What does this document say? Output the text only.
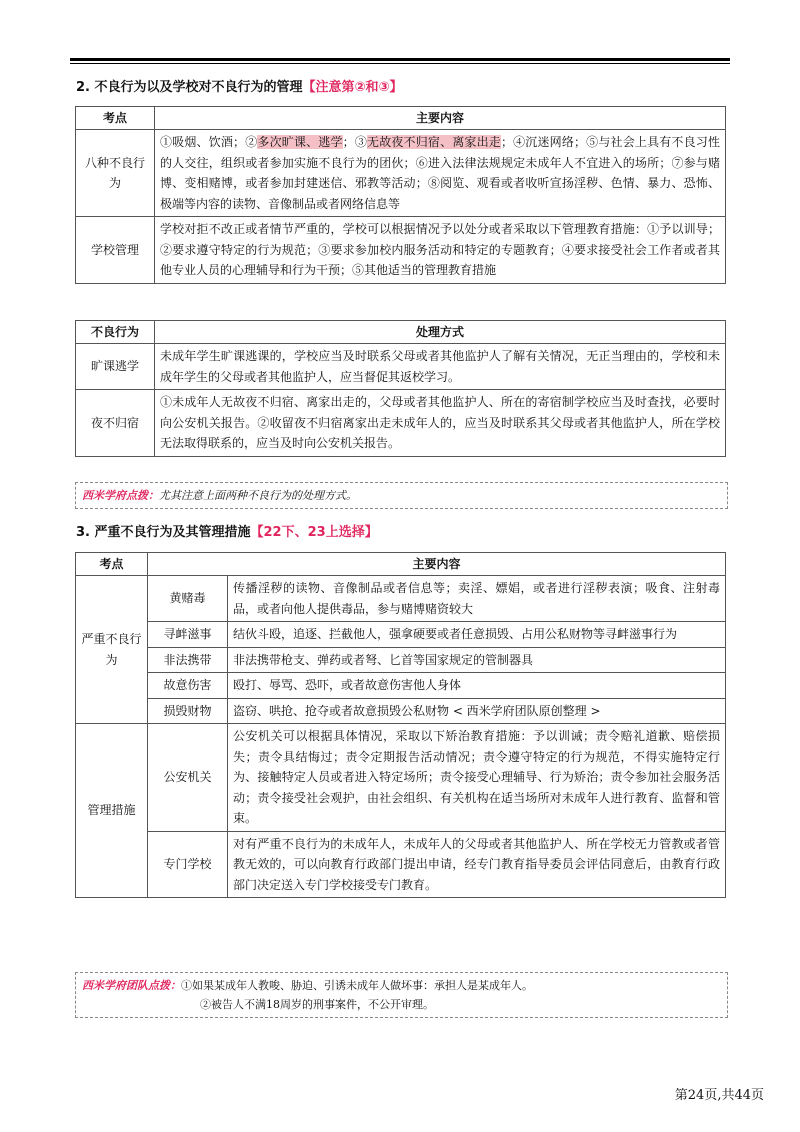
2. 不良行为以及学校对不良行为的管理【注意第②和③】
考点	主要内容
八种不良行为	①吸烟、饮酒；②多次旷课、逃学；③无故夜不归宿、离家出走；④沉迷网络；⑤与社会上具有不良习性的人交往，组织或者参加实施不良行为的团伙；⑥进入法律法规规定未成年人不宜进入的场所；⑦参与赌博、变相赌博，或者参加封建迷信、邪教等活动；⑧阅览、观看或者收听宣扬淫秽、色情、暴力、恐怖、极端等内容的读物、音像制品或者网络信息等
学校管理	学校对拒不改正或者情节严重的，学校可以根据情况予以处分或者采取以下管理教育措施：①予以训导；②要求遵守特定的行为规范；③要求参加校内服务活动和特定的专题教育；④要求接受社会工作者或者其他专业人员的心理辅导和行为干预；⑤其他适当的管理教育措施
不良行为	处理方式
旷课逃学	未成年学生旷课逃课的，学校应当及时联系父母或者其他监护人了解有关情况，无正当理由的，学校和未成年学生的父母或者其他监护人，应当督促其返校学习。
夜不归宿	①未成年人无故夜不归宿、离家出走的，父母或者其他监护人、所在的寄宿制学校应当及时查找，必要时向公安机关报告。②收留夜不归宿离家出走未成年人的，应当及时联系其父母或者其他监护人，所在学校无法取得联系的，应当及时向公安机关报告。
西米学府点拨：尤其注意上面两种不良行为的处理方式。
3. 严重不良行为及其管理措施【22下、23上选择】
考点	主要内容	
严重不良行为	黄赌毒	传播淫秽的读物、音像制品或者信息等；卖淫、嫖娼，或者进行淫秽表演；吸食、注射毒品，或者向他人提供毒品，参与赌博赌资较大
	寻衅滋事	结伙斗殴，追逐、拦截他人，强拿硬要或者任意损毁、占用公私财物等寻衅滋事行为
	非法携带	非法携带枪支、弹药或者弩、匕首等国家规定的管制器具
	故意伤害	殴打、辱骂、恐吓，或者故意伤害他人身体
	损毁财物	盗窃、哄抢、抢夺或者故意损毁公私财物 < 西米学府团队原创整理 >
管理措施	公安机关	公安机关可以根据具体情况，采取以下矫治教育措施：予以训诫；责令赔礼道歉、赔偿损失；责令具结悔过；责令定期报告活动情况；责令遵守特定的行为规范，不得实施特定行为、接触特定人员或者进入特定场所；责令接受心理辅导、行为矫治；责令参加社会服务活动；责令接受社会观护，由社会组织、有关机构在适当场所对未成年人进行教育、监督和管束。
	专门学校	对有严重不良行为的未成年人，未成年人的父母或者其他监护人、所在学校无力管教或者管教无效的，可以向教育行政部门提出申请，经专门教育指导委员会评估同意后，由教育行政部门决定送入专门学校接受专门教育。
西米学府团队点拨：①如果某成年人教唆、胁迫、引诱未成年人做坏事：承担人是某成年人。
②被告人不满18周岁的刑事案件，不公开审理。
第24页,共44页
